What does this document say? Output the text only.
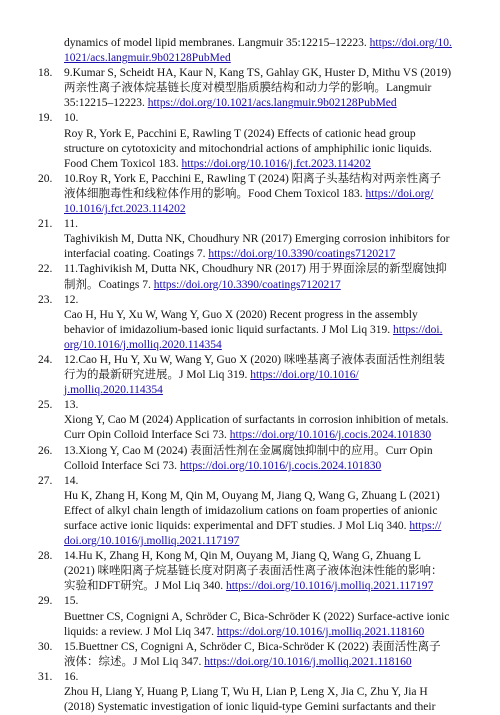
dynamics of model lipid membranes. Langmuir 35:12215–12223. https://doi.org/10.
1021/acs.langmuir.9b02128PubMed
18.	9.Kumar S, Scheidt HA, Kaur N, Kang TS, Gahlay GK, Huster D, Mithu VS (2019)
两亲性离子液体烷基链长度对模型脂质膜结构和动力学的影响。Langmuir
35:12215–12223. https://doi.org/10.1021/acs.langmuir.9b02128PubMed
19.	10.
Roy R, York E, Pacchini E, Rawling T (2024) Effects of cationic head group
structure on cytotoxicity and mitochondrial actions of amphiphilic ionic liquids.
Food Chem Toxicol 183. https://doi.org/10.1016/j.fct.2023.114202
20.	10.Roy R, York E, Pacchini E, Rawling T (2024) 阳离子头基结构对两亲性离子
液体细胞毒性和线粒体作用的影响。Food Chem Toxicol 183. https://doi.org/
10.1016/j.fct.2023.114202
21.	11.
Taghivikish M, Dutta NK, Choudhury NR (2017) Emerging corrosion inhibitors for
interfacial coating. Coatings 7. https://doi.org/10.3390/coatings7120217
22.	11.Taghivikish M, Dutta NK, Choudhury NR (2017) 用于界面涂层的新型腐蚀抑
制剂。Coatings 7. https://doi.org/10.3390/coatings7120217
23.	12.
Cao H, Hu Y, Xu W, Wang Y, Guo X (2020) Recent progress in the assembly
behavior of imidazolium-based ionic liquid surfactants. J Mol Liq 319. https://doi.
org/10.1016/j.molliq.2020.114354
24.	12.Cao H, Hu Y, Xu W, Wang Y, Guo X (2020) 咪唑基离子液体表面活性剂组装
行为的最新研究进展。J Mol Liq 319. https://doi.org/10.1016/
j.molliq.2020.114354
25.	13.
Xiong Y, Cao M (2024) Application of surfactants in corrosion inhibition of metals.
Curr Opin Colloid Interface Sci 73. https://doi.org/10.1016/j.cocis.2024.101830
26.	13.Xiong Y, Cao M (2024) 表面活性剂在金属腐蚀抑制中的应用。Curr Opin
Colloid Interface Sci 73. https://doi.org/10.1016/j.cocis.2024.101830
27.	14.
Hu K, Zhang H, Kong M, Qin M, Ouyang M, Jiang Q, Wang G, Zhuang L (2021)
Effect of alkyl chain length of imidazolium cations on foam properties of anionic
surface active ionic liquids: experimental and DFT studies. J Mol Liq 340. https://
doi.org/10.1016/j.molliq.2021.117197
28.	14.Hu K, Zhang H, Kong M, Qin M, Ouyang M, Jiang Q, Wang G, Zhuang L
(2021) 咪唑阳离子烷基链长度对阴离子表面活性离子液体泡沫性能的影响：
实验和DFT研究。J Mol Liq 340. https://doi.org/10.1016/j.molliq.2021.117197
29.	15.
Buettner CS, Cognigni A, Schröder C, Bica-Schröder K (2022) Surface-active ionic
liquids: a review. J Mol Liq 347. https://doi.org/10.1016/j.molliq.2021.118160
30.	15.Buettner CS, Cognigni A, Schröder C, Bica-Schröder K (2022) 表面活性离子
液体：综述。J Mol Liq 347. https://doi.org/10.1016/j.molliq.2021.118160
31.	16.
Zhou H, Liang Y, Huang P, Liang T, Wu H, Lian P, Leng X, Jia C, Zhu Y, Jia H
(2018) Systematic investigation of ionic liquid-type Gemini surfactants and their
